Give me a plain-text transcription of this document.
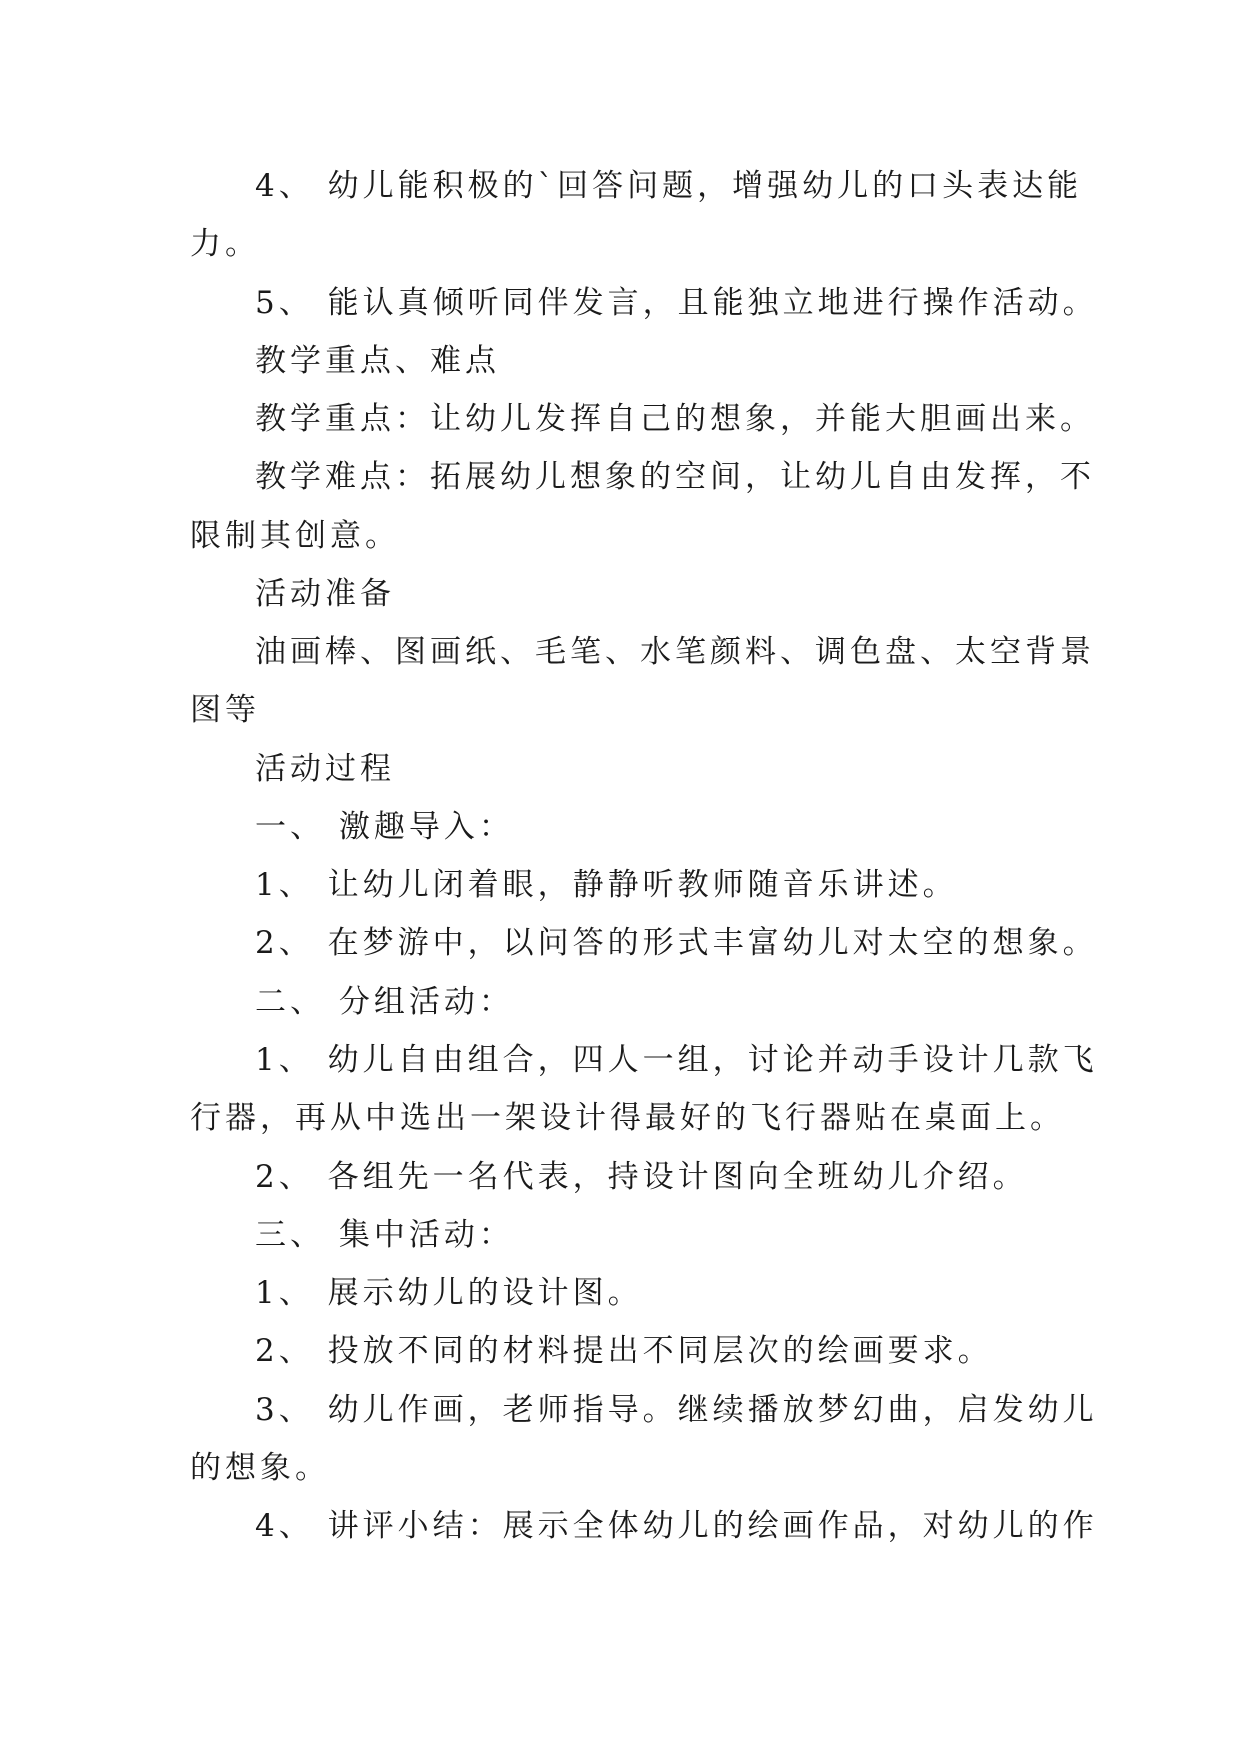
4、 幼儿能积极的`回答问题，增强幼儿的口头表达能
力。
5、 能认真倾听同伴发言，且能独立地进行操作活动。
教学重点、难点
教学重点：让幼儿发挥自己的想象，并能大胆画出来。
教学难点：拓展幼儿想象的空间，让幼儿自由发挥，不
限制其创意。
活动准备
油画棒、图画纸、毛笔、水笔颜料、调色盘、太空背景
图等
活动过程
一、 激趣导入：
1、 让幼儿闭着眼，静静听教师随音乐讲述。
2、 在梦游中，以问答的形式丰富幼儿对太空的想象。
二、 分组活动：
1、 幼儿自由组合，四人一组，讨论并动手设计几款飞
行器，再从中选出一架设计得最好的飞行器贴在桌面上。
2、 各组先一名代表，持设计图向全班幼儿介绍。
三、 集中活动：
1、 展示幼儿的设计图。
2、 投放不同的材料提出不同层次的绘画要求。
3、 幼儿作画，老师指导。继续播放梦幻曲，启发幼儿
的想象。
4、 讲评小结：展示全体幼儿的绘画作品，对幼儿的作
